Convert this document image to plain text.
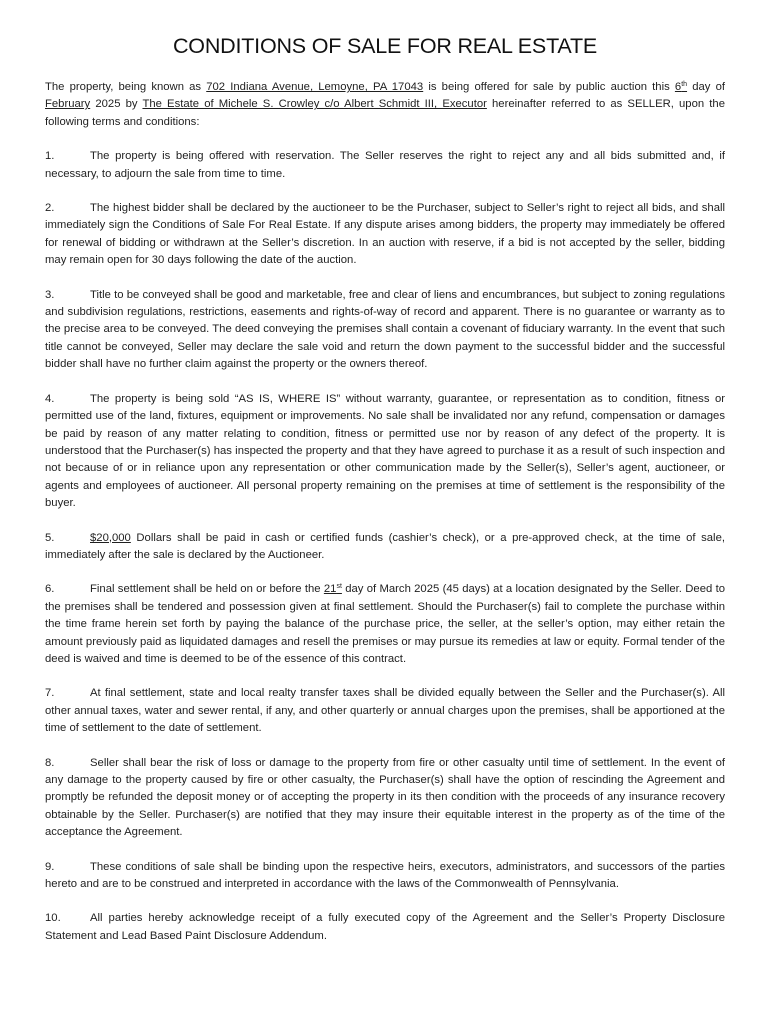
CONDITIONS OF SALE FOR REAL ESTATE

The property, being known as 702 Indiana Avenue, Lemoyne, PA 17043 is being offered for sale by public auction this 6th day of February 2025 by The Estate of Michele S. Crowley c/o Albert Schmidt III, Executor hereinafter referred to as SELLER, upon the following terms and conditions:

1.	The property is being offered with reservation. The Seller reserves the right to reject any and all bids submitted and, if necessary, to adjourn the sale from time to time.

2.	The highest bidder shall be declared by the auctioneer to be the Purchaser, subject to Seller’s right to reject all bids, and shall immediately sign the Conditions of Sale For Real Estate. If any dispute arises among bidders, the property may immediately be offered for renewal of bidding or withdrawn at the Seller’s discretion. In an auction with reserve, if a bid is not accepted by the seller, bidding may remain open for 30 days following the date of the auction.

3.	Title to be conveyed shall be good and marketable, free and clear of liens and encumbrances, but subject to zoning regulations and subdivision regulations, restrictions, easements and rights-of-way of record and apparent. There is no guarantee or warranty as to the precise area to be conveyed. The deed conveying the premises shall contain a covenant of fiduciary warranty. In the event that such title cannot be conveyed, Seller may declare the sale void and return the down payment to the successful bidder and the successful bidder shall have no further claim against the property or the owners thereof.

4.	The property is being sold “AS IS, WHERE IS” without warranty, guarantee, or representation as to condition, fitness or permitted use of the land, fixtures, equipment or improvements. No sale shall be invalidated nor any refund, compensation or damages be paid by reason of any matter relating to condition, fitness or permitted use nor by reason of any defect of the property. It is understood that the Purchaser(s) has inspected the property and that they have agreed to purchase it as a result of such inspection and not because of or in reliance upon any representation or other communication made by the Seller(s), Seller’s agent, auctioneer, or agents and employees of auctioneer. All personal property remaining on the premises at time of settlement is the responsibility of the buyer.

5.	$20,000 Dollars shall be paid in cash or certified funds (cashier’s check), or a pre-approved check, at the time of sale, immediately after the sale is declared by the Auctioneer.

6.	Final settlement shall be held on or before the 21st day of March 2025 (45 days) at a location designated by the Seller. Deed to the premises shall be tendered and possession given at final settlement. Should the Purchaser(s) fail to complete the purchase within the time frame herein set forth by paying the balance of the purchase price, the seller, at the seller’s option, may either retain the amount previously paid as liquidated damages and resell the premises or may pursue its remedies at law or equity. Formal tender of the deed is waived and time is deemed to be of the essence of this contract.

7.	At final settlement, state and local realty transfer taxes shall be divided equally between the Seller and the Purchaser(s). All other annual taxes, water and sewer rental, if any, and other quarterly or annual charges upon the premises, shall be apportioned at the time of settlement to the date of settlement.

8.	Seller shall bear the risk of loss or damage to the property from fire or other casualty until time of settlement. In the event of any damage to the property caused by fire or other casualty, the Purchaser(s) shall have the option of rescinding the Agreement and promptly be refunded the deposit money or of accepting the property in its then condition with the proceeds of any insurance recovery obtainable by the Seller. Purchaser(s) are notified that they may insure their equitable interest in the property as of the time of the acceptance the Agreement.

9.	These conditions of sale shall be binding upon the respective heirs, executors, administrators, and successors of the parties hereto and are to be construed and interpreted in accordance with the laws of the Commonwealth of Pennsylvania.

10.	All parties hereby acknowledge receipt of a fully executed copy of the Agreement and the Seller’s Property Disclosure Statement and Lead Based Paint Disclosure Addendum.
